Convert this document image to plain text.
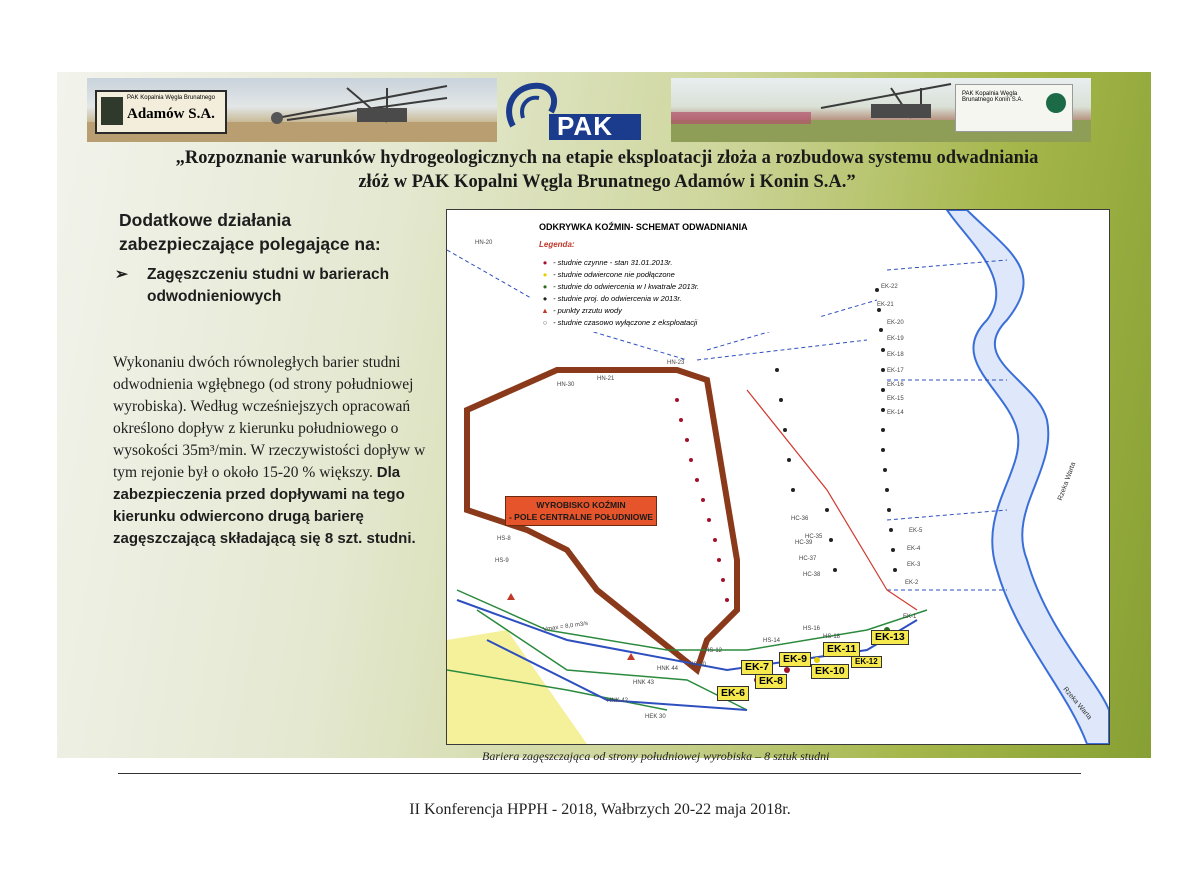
PAK Kopalnia Węgla Brunatnego
Adamów S.A.	PAK
PAK Kopalnia Węgla Brunatnego Konin S.A.
„Rozpoznanie warunków hydrogeologicznych na etapie eksploatacji złoża a rozbudowa systemu odwadniania
złóż w PAK Kopalni Węgla Brunatnego Adamów i Konin S.A.”
Dodatkowe działania
zabezpieczające polegające na:
➢ Zagęszczeniu studni w barierach
odwodnieniowych
Wykonaniu dwóch równoległych barier studni odwodnienia wgłębnego (od strony południowej wyrobiska). Według wcześniejszych opracowań określono dopływ z kierunku południowego o wysokości 35m³/min. W rzeczywistości dopływ w tym rejonie był o około 15-20 % większy. Dla zabezpieczenia przed dopływami na tego kierunku odwiercono drugą barierę zagęszczającą składającą się 8 szt. studni.
ODKRYWKA KOŹMIN- SCHEMAT ODWADNIANIA
Legenda:
● - studnie czynne - stan 31.01.2013r.
● - studnie odwiercone nie podłączone
● - studnie do odwiercenia w I kwatrale 2013r.
● - studnie proj. do odwiercenia w 2013r.
▲ - punkty zrzutu wody
○ - studnie czasowo wyłączone z eksploatacji
WYROBISKO KOŹMIN
- POLE CENTRALNE POŁUDNIOWE
Rzeka Warta
Rzeka Warta
EK-6
EK-7
EK-8
EK-9
EK-10
EK-11
EK-12
EK-13
HN-20
HN-21
HN-23
HN-30
HS-8
HS-9
HS-10
HS-12
HS-14
HS-16
HS-18
HC-35
HC-36
HC-37
HC-38
HC-39
EK-1
EK-2
EK-3
EK-4
EK-5
EK-14
EK-15
EK-16
EK-17
EK-18
EK-19
EK-20
EK-21
EK-22
HNK 42
HNK 43
HNK 44
HEK 30
Vmax = 8,0 m3/s
Bariera zagęszczająca od strony południowej wyrobiska – 8 sztuk studni
II Konferencja HPPH - 2018, Wałbrzych 20-22 maja 2018r.
